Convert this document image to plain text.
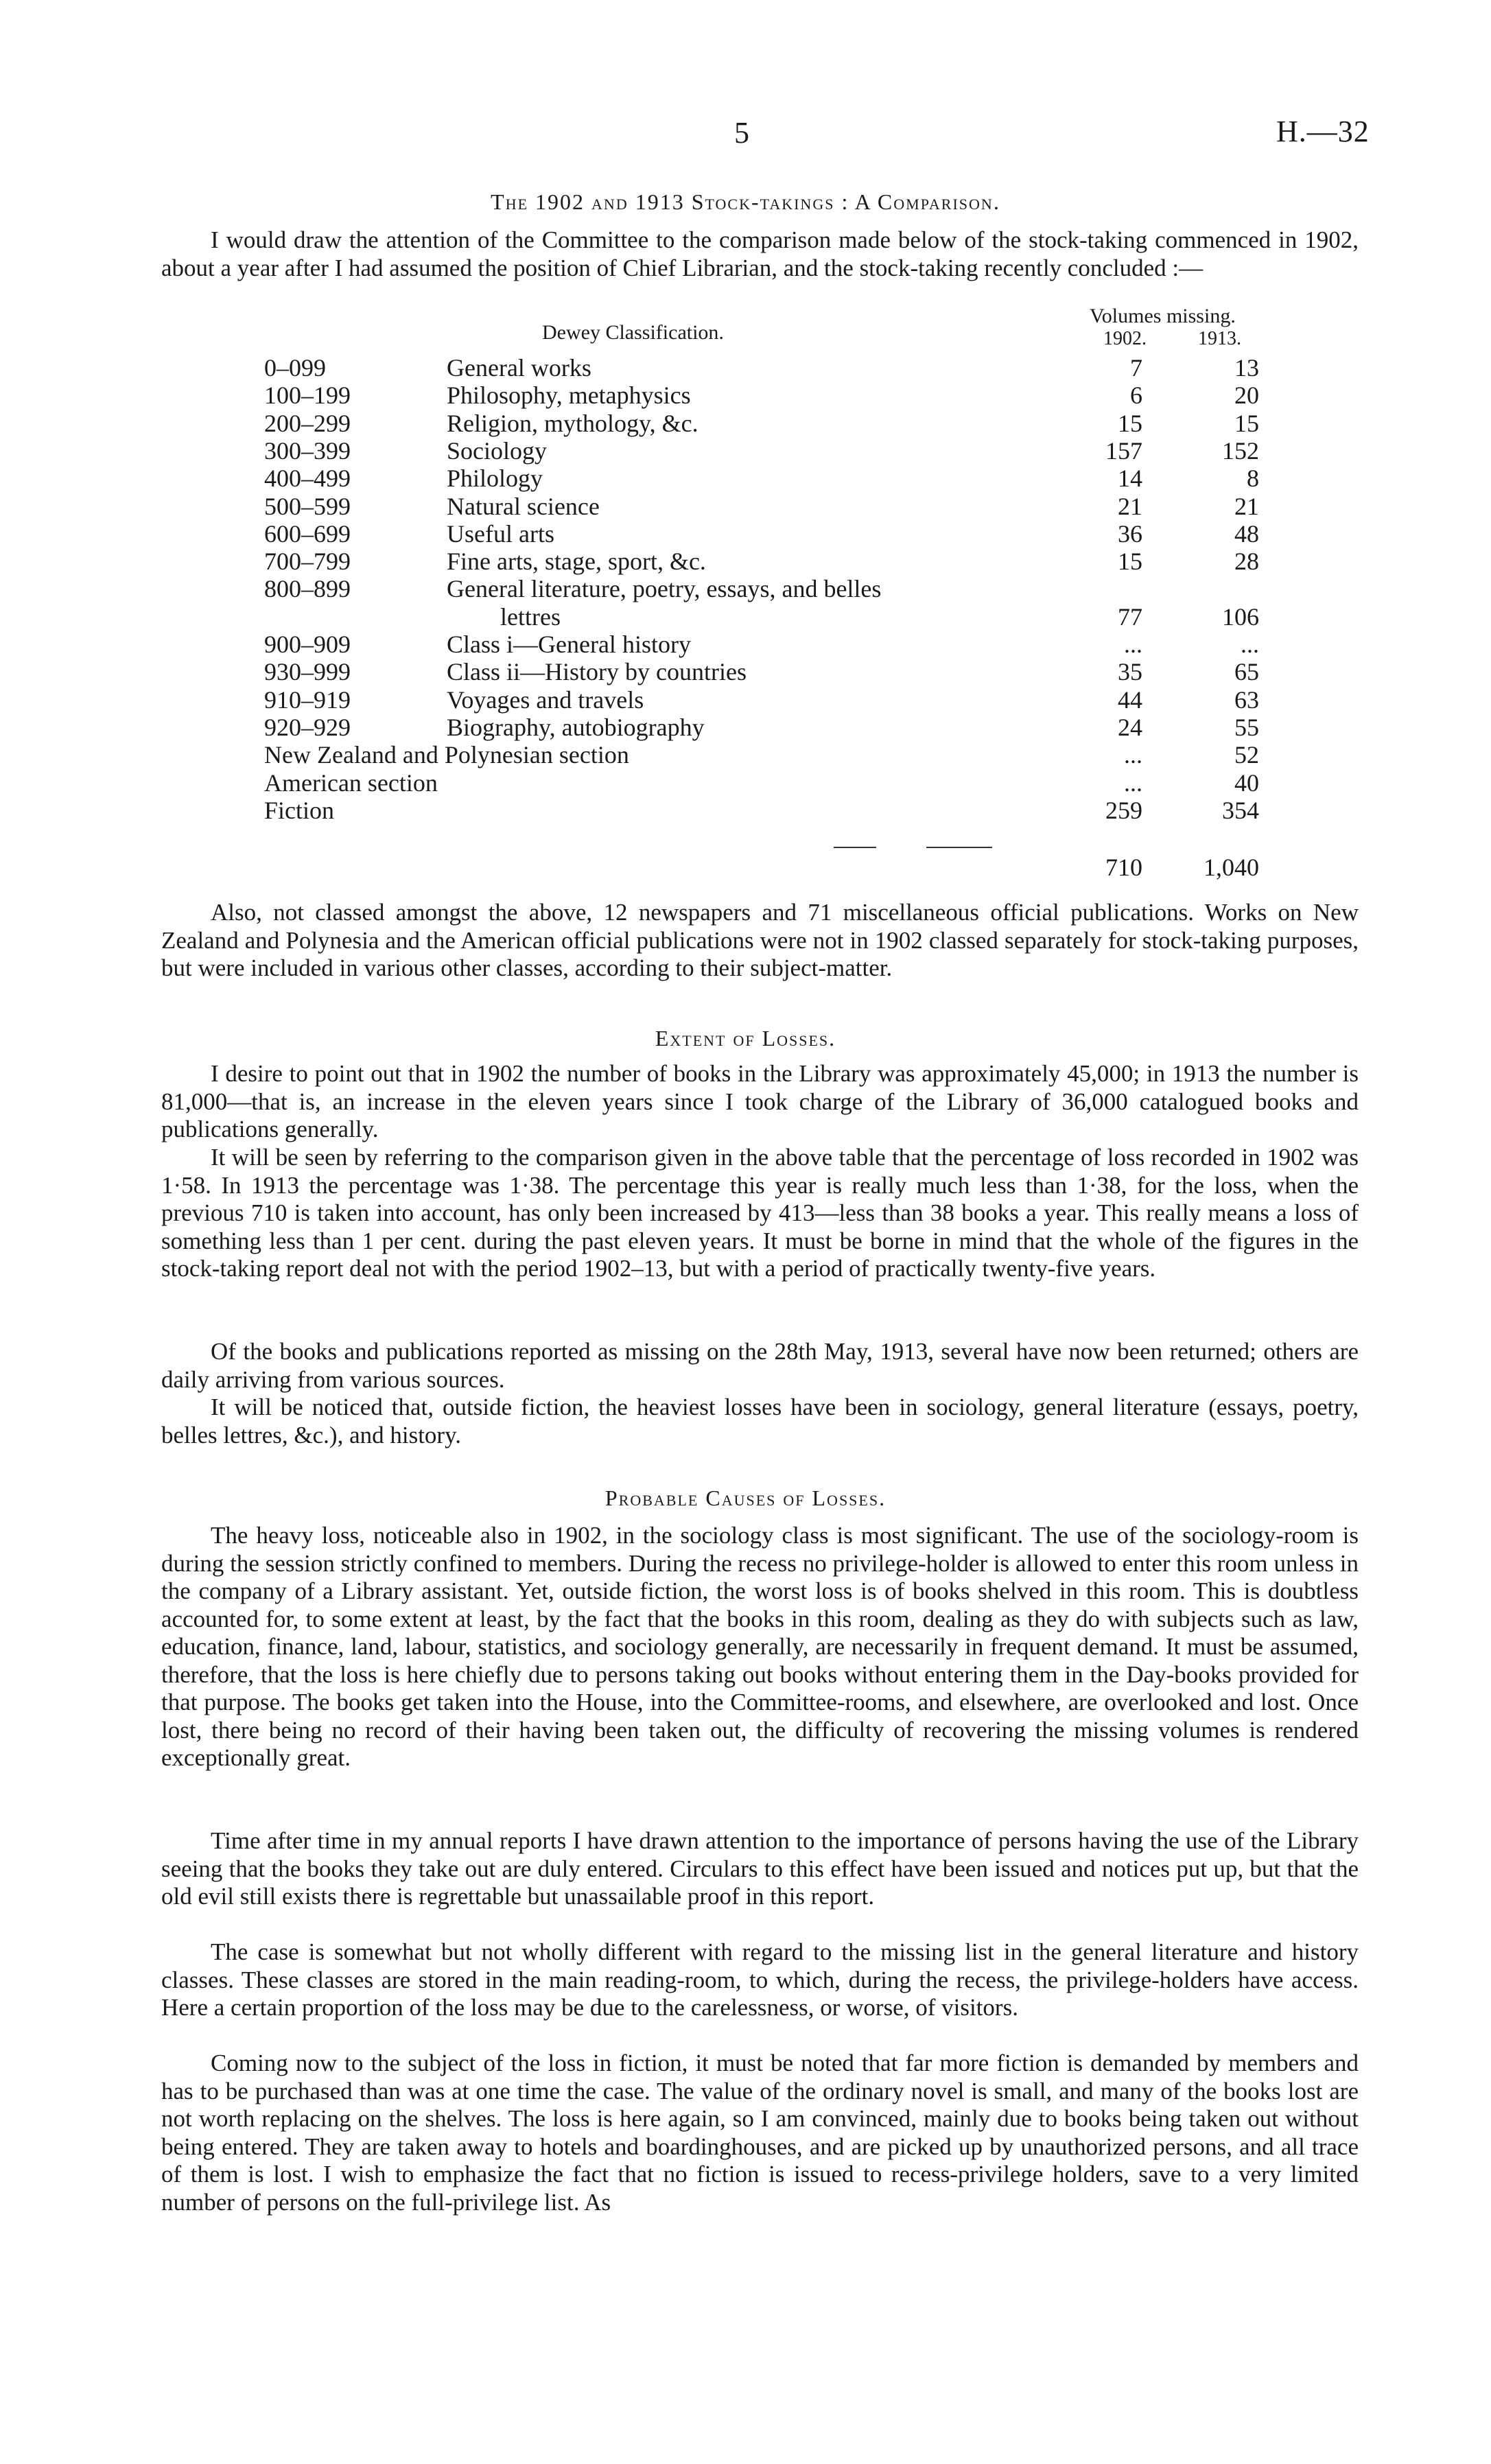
5	H.—32
The 1902 and 1913 Stock-takings : A Comparison.

I would draw the attention of the Committee to the comparison made below of the stock-taking commenced in 1902, about a year after I had assumed the position of Chief Librarian, and the stock-taking recently concluded :—

Dewey Classification.
Volumes missing.
1902.	1913.
0–099	General works	7	13
100–199	Philosophy, metaphysics	6	20
200–299	Religion, mythology, &c.	15	15
300–399	Sociology	157	152
400–499	Philology	14	8
500–599	Natural science	21	21
600–699	Useful arts	36	48
700–799	Fine arts, stage, sport, &c.	15	28
800–899	General literature, poetry, essays, and belles
lettres	77	106
900–909	Class i—General history	...	...
930–999	Class ii—History by countries	35	65
910–919	Voyages and travels	44	63
920–929	Biography, autobiography	24	55
New Zealand and Polynesian section	...	52
American section	...	40
Fiction	259	354
710	1,040

Also, not classed amongst the above, 12 newspapers and 71 miscellaneous official publications. Works on New Zealand and Polynesia and the American official publications were not in 1902 classed separately for stock-taking purposes, but were included in various other classes, according to their subject-matter.

Extent of Losses.

I desire to point out that in 1902 the number of books in the Library was approximately 45,000; in 1913 the number is 81,000—that is, an increase in the eleven years since I took charge of the Library of 36,000 catalogued books and publications generally.

It will be seen by referring to the comparison given in the above table that the percentage of loss recorded in 1902 was 1·58. In 1913 the percentage was 1·38. The percentage this year is really much less than 1·38, for the loss, when the previous 710 is taken into account, has only been increased by 413—less than 38 books a year. This really means a loss of something less than 1 per cent. during the past eleven years. It must be borne in mind that the whole of the figures in the stock-taking report deal not with the period 1902–13, but with a period of practically twenty-five years.

Of the books and publications reported as missing on the 28th May, 1913, several have now been returned; others are daily arriving from various sources.

It will be noticed that, outside fiction, the heaviest losses have been in sociology, general literature (essays, poetry, belles lettres, &c.), and history.

Probable Causes of Losses.

The heavy loss, noticeable also in 1902, in the sociology class is most significant. The use of the sociology-room is during the session strictly confined to members. During the recess no privilege-holder is allowed to enter this room unless in the company of a Library assistant. Yet, outside fiction, the worst loss is of books shelved in this room. This is doubtless accounted for, to some extent at least, by the fact that the books in this room, dealing as they do with subjects such as law, education, finance, land, labour, statistics, and sociology generally, are necessarily in frequent demand. It must be assumed, therefore, that the loss is here chiefly due to persons taking out books without entering them in the Day-books provided for that purpose. The books get taken into the House, into the Committee-rooms, and elsewhere, are overlooked and lost. Once lost, there being no record of their having been taken out, the difficulty of recovering the missing volumes is rendered exceptionally great.

Time after time in my annual reports I have drawn attention to the importance of persons having the use of the Library seeing that the books they take out are duly entered. Circulars to this effect have been issued and notices put up, but that the old evil still exists there is regrettable but unassailable proof in this report.

The case is somewhat but not wholly different with regard to the missing list in the general literature and history classes. These classes are stored in the main reading-room, to which, during the recess, the privilege-holders have access. Here a certain proportion of the loss may be due to the carelessness, or worse, of visitors.

Coming now to the subject of the loss in fiction, it must be noted that far more fiction is demanded by members and has to be purchased than was at one time the case. The value of the ordinary novel is small, and many of the books lost are not worth replacing on the shelves. The loss is here again, so I am convinced, mainly due to books being taken out without being entered. They are taken away to hotels and boardinghouses, and are picked up by unauthorized persons, and all trace of them is lost. I wish to emphasize the fact that no fiction is issued to recess-privilege holders, save to a very limited number of persons on the full-privilege list. As
